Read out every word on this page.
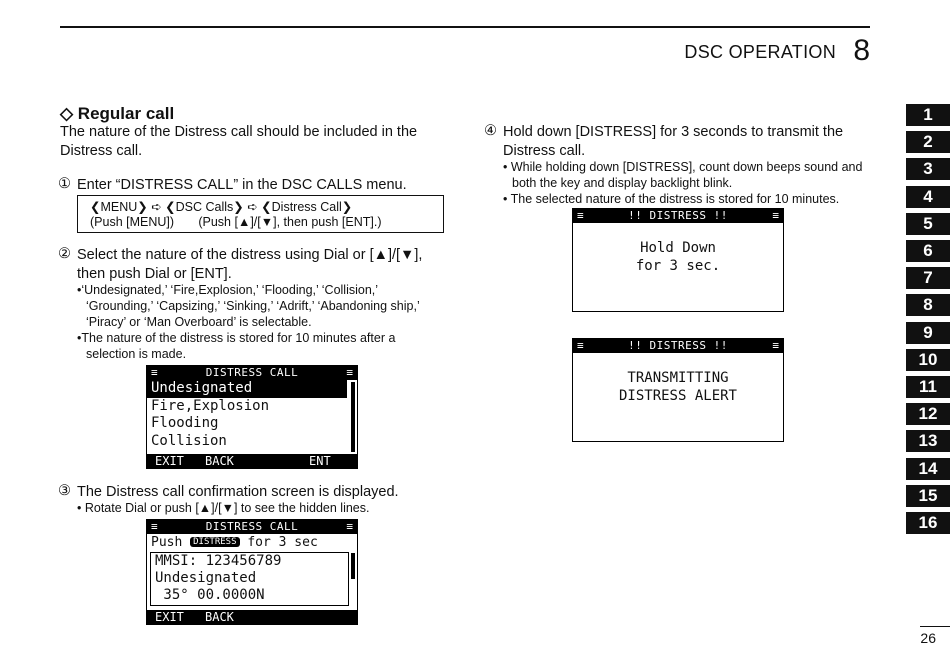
DSC OPERATION 8
◇ Regular call

The nature of the Distress call should be included in the Distress call.

① Enter “DISTRESS CALL” in the DSC CALLS menu.

❮MENU❯ ➪ ❮DSC Calls❯ ➪ ❮Distress Call❯
(Push [MENU])       (Push [▲]/[▼], then push [ENT].)
② Select the nature of the distress using Dial or [▲]/[▼], then push Dial or [ENT].

•‘Undesignated,’ ‘Fire,Explosion,’ ‘Flooding,’ ‘Collision,’ ‘Grounding,’ ‘Capsizing,’ ‘Sinking,’ ‘Adrift,’ ‘Abandoning ship,’ ‘Piracy’ or ‘Man Overboard’ is selectable.
•The nature of the distress is stored for 10 minutes after a selection is made.
≡	DISTRESS CALL	≡
Undesignated
Fire,Explosion
Flooding
Collision
EXIT BACK	ENT
③ The Distress call confirmation screen is displayed.

• Rotate Dial or push [▲]/[▼] to see the hidden lines.
≡	DISTRESS CALL	≡
Push DISTRESS for 3 sec
MMSI: 123456789
Undesignated
35° 00.0000N
EXIT BACK
④ Hold down [DISTRESS] for 3 seconds to transmit the Distress call.

• While holding down [DISTRESS], count down beeps sound and both the key and display backlight blink.
• The selected nature of the distress is stored for 10 minutes.
≡	!! DISTRESS !!	≡
Hold Down
for 3 sec.
≡	!! DISTRESS !!	≡
TRANSMITTING
DISTRESS ALERT
1
2
3
4
5
6
7
8
9
10
11
12
13
14
15
16
26
